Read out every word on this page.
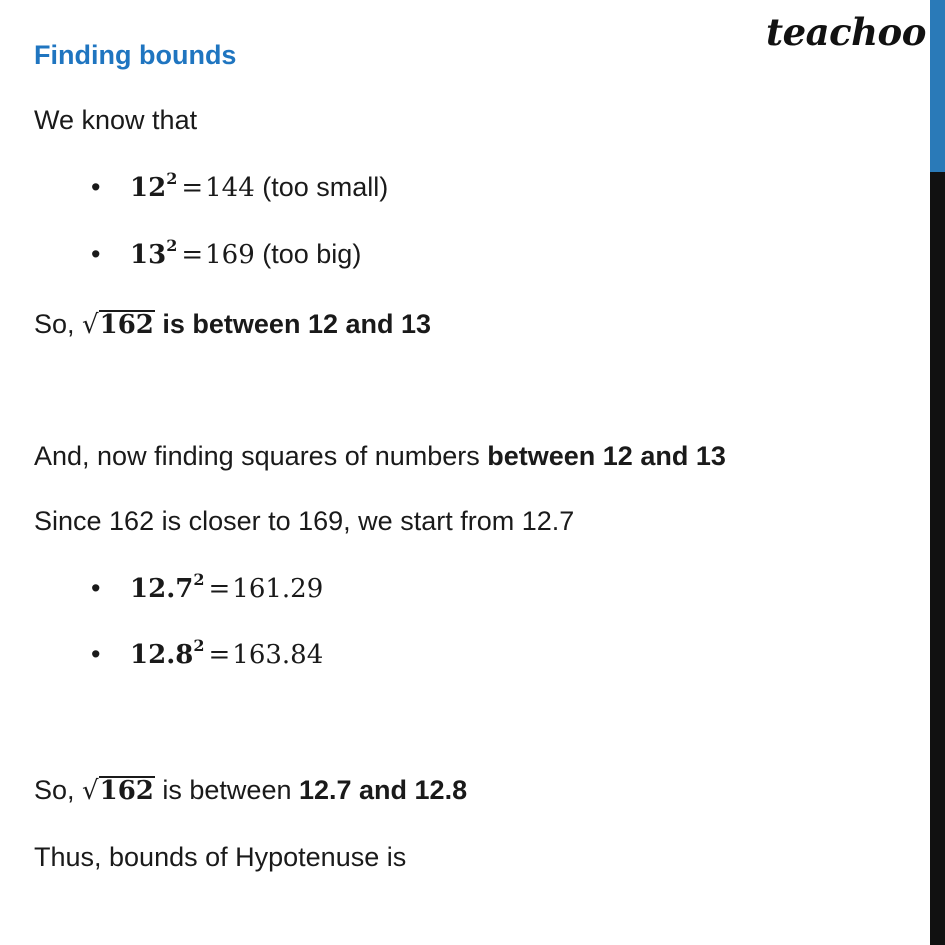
teachoo
Finding bounds
We know that
• $12^2 =144$ (too small)
• $13^2 =169$ (too big)
So, √162 is between 12 and 13
And, now finding squares of numbers between 12 and 13
Since 162 is closer to 169, we start from 12.7
• $12.7^2 =161.29$
• $12.8^2 =163.84$
So, √162 is between 12.7 and 12.8
Thus, bounds of Hypotenuse is
